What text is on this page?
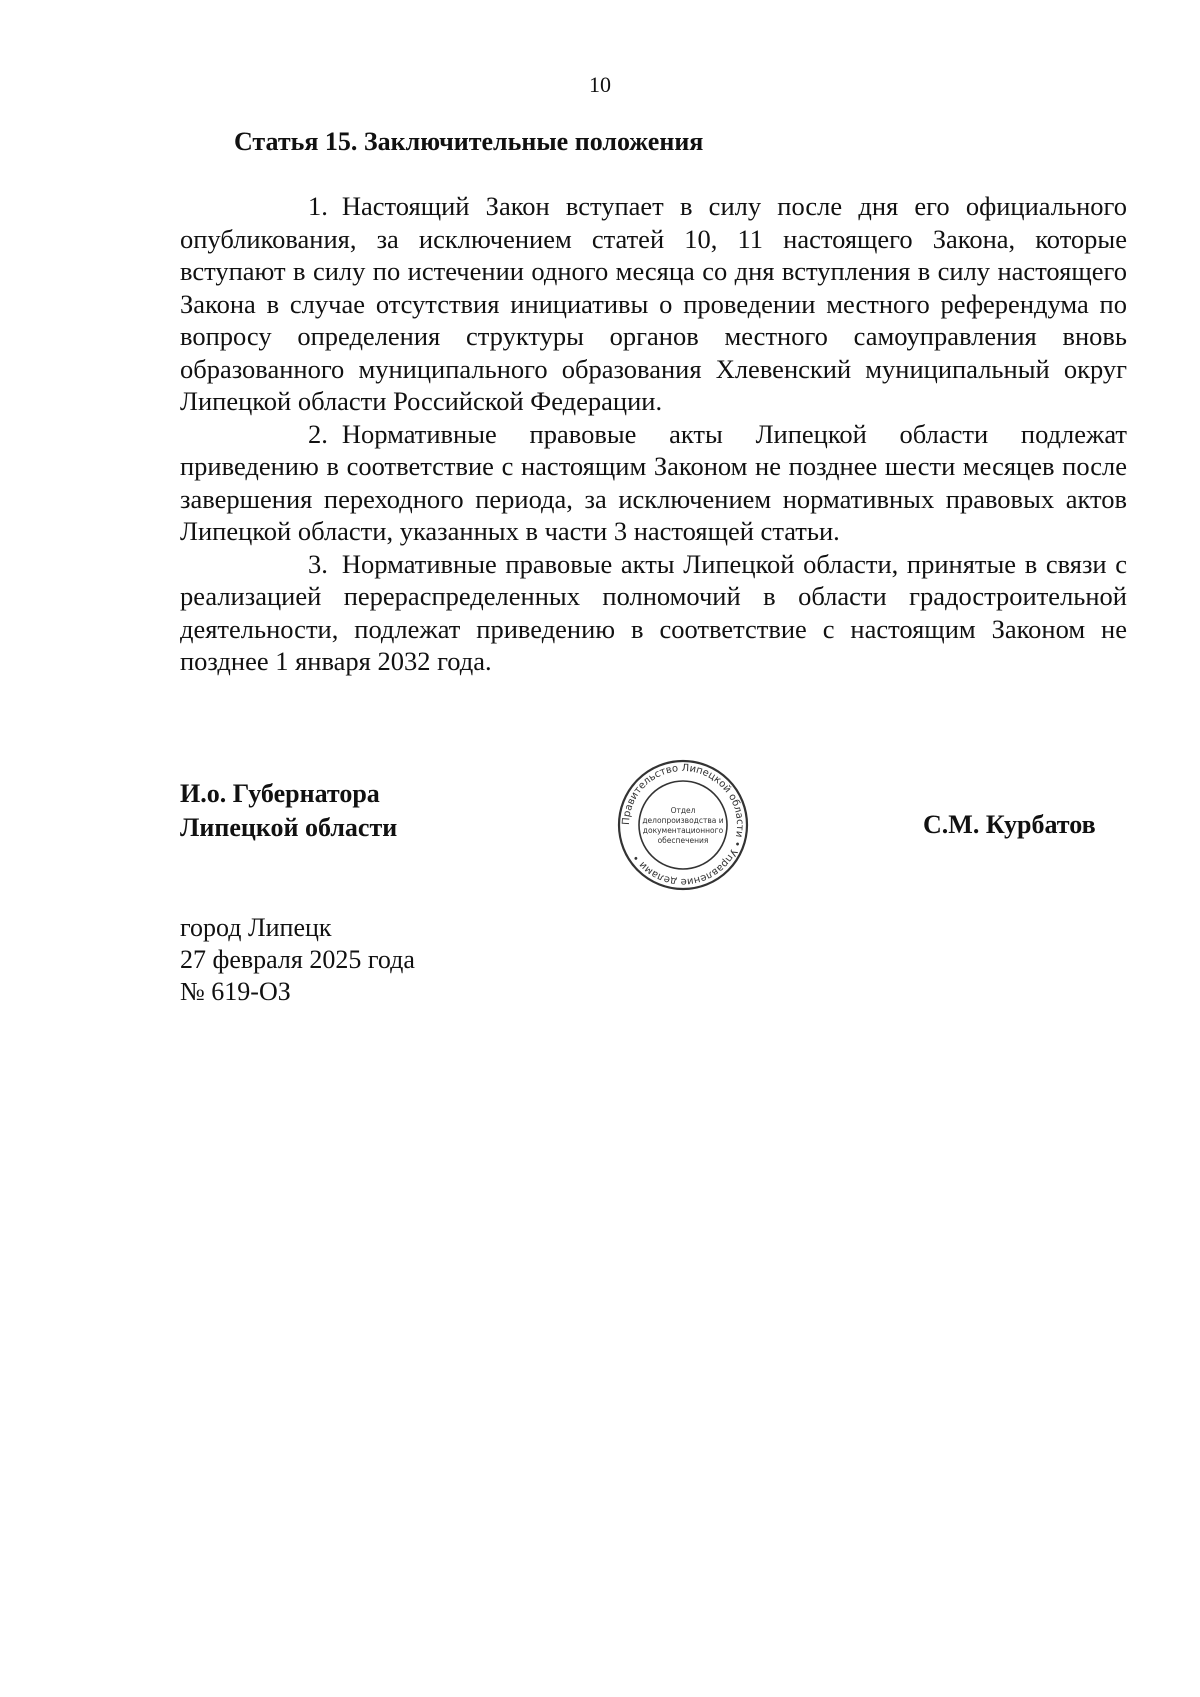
10
Статья 15. Заключительные положения

1. Настоящий Закон вступает в силу после дня его официального опубликования, за исключением статей 10, 11 настоящего Закона, которые вступают в силу по истечении одного месяца со дня вступления в силу настоящего Закона в случае отсутствия инициативы о проведении местного референдума по вопросу определения структуры органов местного самоуправления вновь образованного муниципального образования Хлевенский муниципальный округ Липецкой области Российской Федерации.

2. Нормативные правовые акты Липецкой области подлежат приведению в соответствие с настоящим Законом не позднее шести месяцев после завершения переходного периода, за исключением нормативных правовых актов Липецкой области, указанных в части 3 настоящей статьи.

3. Нормативные правовые акты Липецкой области, принятые в связи с реализацией перераспределенных полномочий в области градостроительной деятельности, подлежат приведению в соответствие с настоящим Законом не позднее 1 января 2032 года.

И.о. Губернатора
Липецкой области	Правительство Липецкой области • Управление делами •
Отдел
делопроизводства и
документационного
обеспечения
С.М. Курбатов
город Липецк
27 февраля 2025 года
№ 619-ОЗ
